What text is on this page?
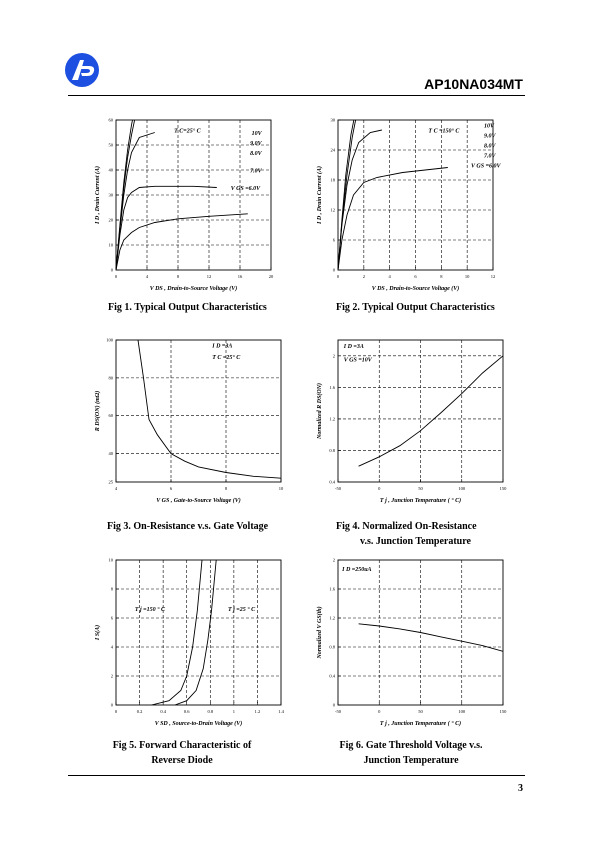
AP10NA034MT
0	4	8	12	16	20
0
10
20
30
40
50
60
V DS , Drain-to-Source Voltage (V)
I D , Drain Current (A)
T C=25° C	10V
9.0V
8.0V
7.0V
V GS =6.0V
0	2	4	6	8	10	12
0
6
12
18
24
30
V DS , Drain-to-Source Voltage (V)
I D , Drain Current (A)
T C =150° C
10V
9.0V
8.0V
7.0V
V GS =6.0V
4	6	8	10
25
40
60
80
100
V GS , Gate-to-Source Voltage (V)
R DS(ON) (mΩ)
I D =3A
T C =25° C
-50	0	50	100	150
0.4
0.8
1.2
1.6
2
T j , Junction Temperature ( ° C)
Normalized R DS(ON)
I D =3A
V GS =10V
0	0.2	0.4	0.6	0.8	1	1.2	1.4
0
2
4
6
8
10
V SD , Source-to-Drain Voltage (V)
I S(A)
T j =150 ° C	T j =25 ° C
-50	0	50	100	150
0
0.4
0.8
1.2
1.6
2
T j , Junction Temperature ( ° C)
Normalized V GS(th)
I D =250uA
Fig 1. Typical Output Characteristics	Fig 2. Typical Output Characteristics
Fig 3. On-Resistance v.s. Gate Voltage	Fig 4. Normalized On-Resistance
v.s. Junction Temperature
Fig 5. Forward Characteristic of
Reverse Diode
Fig 6. Gate Threshold Voltage v.s.
Junction Temperature
3
